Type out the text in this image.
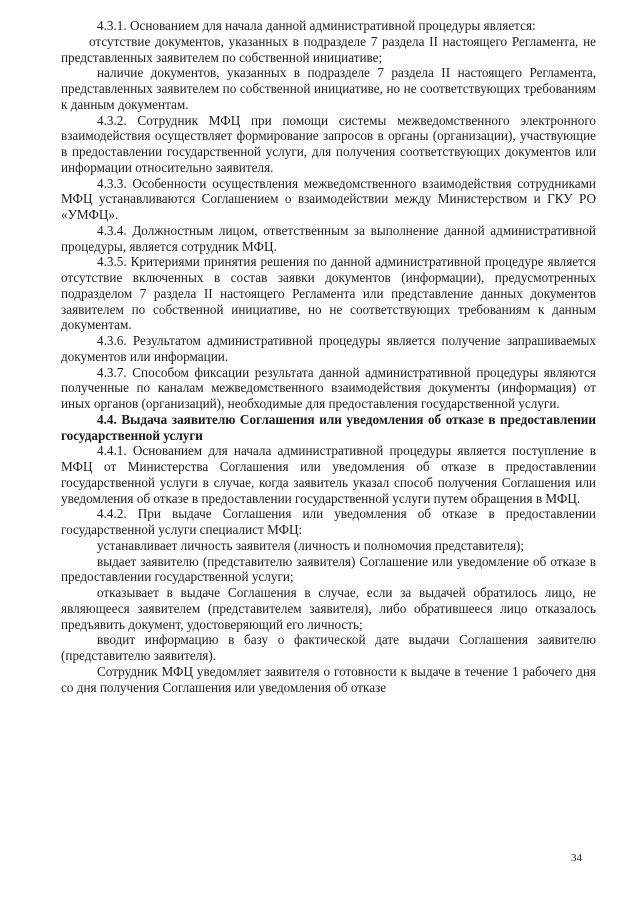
4.3.1. Основанием для начала данной административной процедуры является:

отсутствие документов, указанных в подразделе 7 раздела II настоящего Регламента, не представленных заявителем по собственной инициативе;

наличие документов, указанных в подразделе 7 раздела II настоящего Регламента, представленных заявителем по собственной инициативе, но не соответствующих требованиям к данным документам.

4.3.2. Сотрудник МФЦ при помощи системы межведомственного электронного взаимодействия осуществляет формирование запросов в органы (организации), участвующие в предоставлении государственной услуги, для получения соответствующих документов или информации относительно заявителя.

4.3.3. Особенности осуществления межведомственного взаимодействия сотрудниками МФЦ устанавливаются Соглашением о взаимодействии между Министерством и ГКУ РО «УМФЦ».

4.3.4. Должностным лицом, ответственным за выполнение данной административной процедуры, является сотрудник МФЦ.

4.3.5. Критериями принятия решения по данной административной процедуре является отсутствие включенных в состав заявки документов (информации), предусмотренных подразделом 7 раздела II настоящего Регламента или представление данных документов заявителем по собственной инициативе, но не соответствующих требованиям к данным документам.

4.3.6. Результатом административной процедуры является получение запрашиваемых документов или информации.

4.3.7. Способом фиксации результата данной административной процедуры являются полученные по каналам межведомственного взаимодействия документы (информация) от иных органов (организаций), необходимые для предоставления государственной услуги.

4.4. Выдача заявителю Соглашения или уведомления об отказе в предоставлении государственной услуги

4.4.1. Основанием для начала административной процедуры является поступление в МФЦ от Министерства Соглашения или уведомления об отказе в предоставлении государственной услуги в случае, когда заявитель указал способ получения Соглашения или уведомления об отказе в предоставлении государственной услуги путем обращения в МФЦ.

4.4.2. При выдаче Соглашения или уведомления об отказе в предоставлении государственной услуги специалист МФЦ:

устанавливает личность заявителя (личность и полномочия представителя);

выдает заявителю (представителю заявителя) Соглашение или уведомление об отказе в предоставлении государственной услуги;

отказывает в выдаче Соглашения в случае, если за выдачей обратилось лицо, не являющееся заявителем (представителем заявителя), либо обратившееся лицо отказалось предъявить документ, удостоверяющий его личность;

вводит информацию в базу о фактической дате выдачи Соглашения заявителю (представителю заявителя).

Сотрудник МФЦ уведомляет заявителя о готовности к выдаче в течение 1 рабочего дня со дня получения Соглашения или уведомления об отказе

34
